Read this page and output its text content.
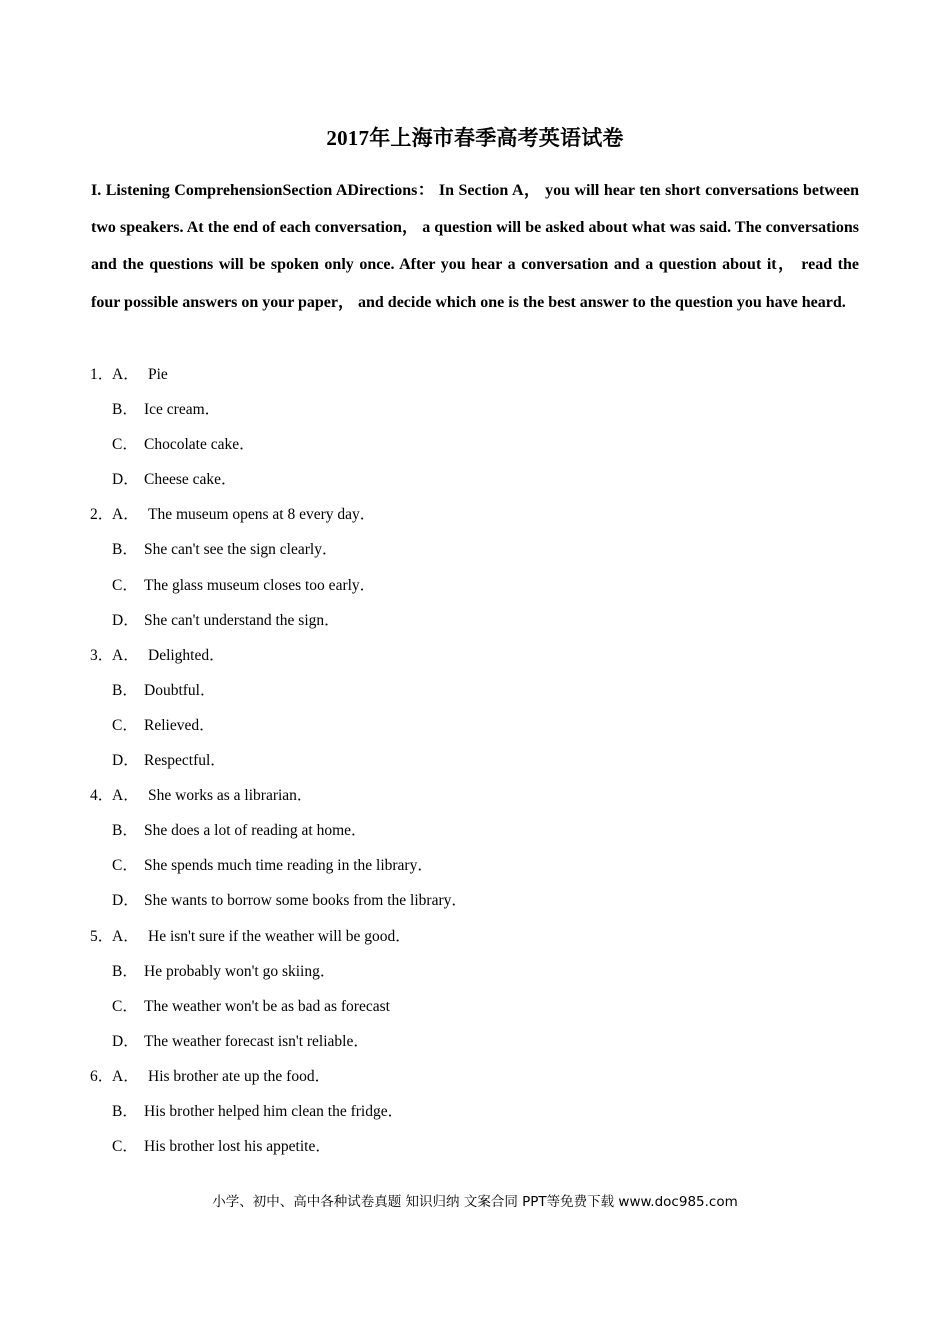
2017年上海市春季高考英语试卷
I. Listening ComprehensionSection ADirections： In Section A， you will hear ten short conversations between two speakers. At the end of each conversation， a question will be asked about what was said. The conversations and the questions will be spoken only once. After you hear a conversation and a question about it， read the four possible answers on your paper， and decide which one is the best answer to the question you have heard.
1．A． Pie
B． Ice cream．
C． Chocolate cake．
D． Cheese cake．
2．A． The museum opens at 8 every day．
B． She can't see the sign clearly．
C． The glass museum closes too early．
D． She can't understand the sign．
3．A． Delighted．
B． Doubtful．
C． Relieved．
D． Respectful．
4．A． She works as a librarian．
B． She does a lot of reading at home．
C． She spends much time reading in the library．
D． She wants to borrow some books from the library．
5．A． He isn't sure if the weather will be good．
B． He probably won't go skiing．
C． The weather won't be as bad as forecast
D． The weather forecast isn't reliable．
6．A． His brother ate up the food．
B． His brother helped him clean the fridge．
C． His brother lost his appetite．
小学、初中、高中各种试卷真题 知识归纳 文案合同 PPT等免费下载 www.doc985.com
